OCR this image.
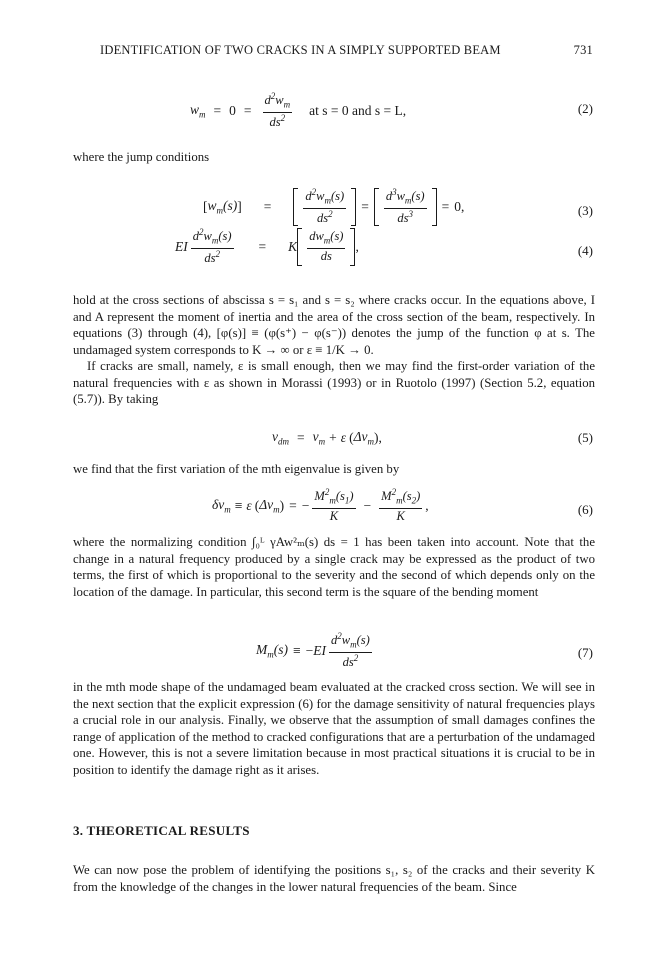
IDENTIFICATION OF TWO CRACKS IN A SIMPLY SUPPORTED BEAM	731
$w_m = 0 = \frac{d^2w_m}{ds^2}$ at s = 0 and s = L,	(2)
where the jump conditions
[ $w_m(s)$ ] =	$\frac{d^2w_m(s)}{ds^2} = \frac{d^3w_m(s)}{ds^3} = 0$,	(3)
EI $\frac{d^2w_m(s)}{ds^2} = K \frac{dw_m(s)}{ds}$ ,	(4)
hold at the cross sections of abscissa s = s₁ and s = s₂ where cracks occur. In the equations above, I and A represent the moment of inertia and the area of the cross section of the beam, respectively. In equations (3) through (4), [φ(s)] ≡ (φ(s⁺) − φ(s⁻)) denotes the jump of the function φ at s. The undamaged system corresponds to K → ∞ or ε ≡ 1/K → 0.
If cracks are small, namely, ε is small enough, then we may find the first-order variation of the natural frequencies with ε as shown in Morassi (1993) or in Ruotolo (1997) (Section 5.2, equation (5.7)). By taking
$v_{dm} = v_m + \varepsilon$ ( $\Delta v_m$ ),	(5)
we find that the first variation of the mth eigenvalue is given by
$\delta v_m \equiv \varepsilon$ ( $\Delta v_m$ ) = − $\frac{M^2_m(s_1)}{K} - \frac{M^2_m(s_2)}{K}$ ,	(6)
where the normalizing condition ∫₀ᴸ γAw²ₘ(s) ds = 1 has been taken into account. Note that the change in a natural frequency produced by a single crack may be expressed as the product of two terms, the first of which is proportional to the severity and the second of which depends only on the location of the damage. In particular, this second term is the square of the bending moment
$M_m(s)$ ≡ − EI $\frac{d^2w_m(s)}{ds^2}$	(7)
in the mth mode shape of the undamaged beam evaluated at the cracked cross section. We will see in the next section that the explicit expression (6) for the damage sensitivity of natural frequencies plays a crucial role in our analysis. Finally, we observe that the assumption of small damages confines the range of application of the method to cracked configurations that are a perturbation of the undamaged one. However, this is not a severe limitation because in most practical situations it is crucial to be in position to identify the damage right as it arises.
3. THEORETICAL RESULTS
We can now pose the problem of identifying the positions s₁, s₂ of the cracks and their severity K from the knowledge of the changes in the lower natural frequencies of the beam. Since
